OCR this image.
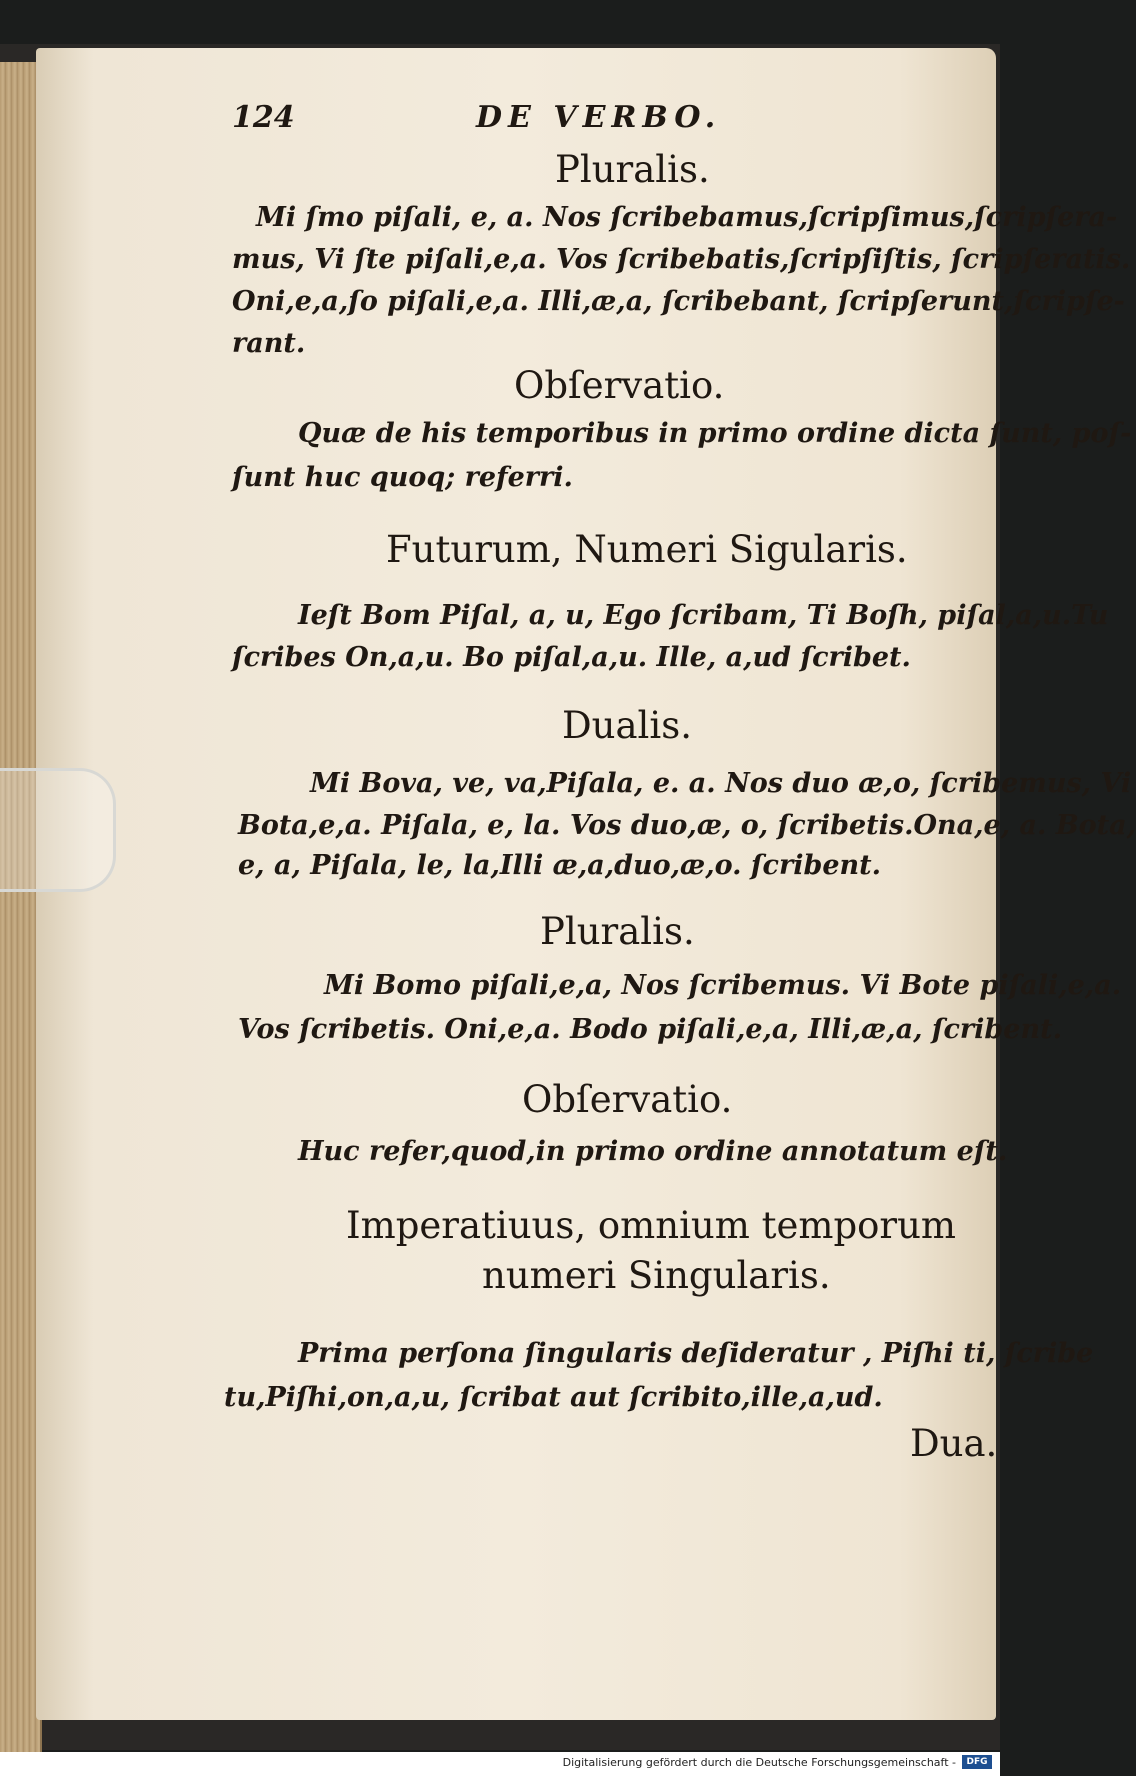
124	DE VERBO.
Pluralis.
Mi ſmo piſali, e, a. Nos ſcribebamus,ſcripſimus,ſcripſera-
mus, Vi ſte piſali,e,a. Vos ſcribebatis,ſcripſiſtis, ſcripſeratis.
Oni,e,a,ſo piſali,e,a. Illi,æ,a, ſcribebant, ſcripſerunt,ſcripſe-
rant.
Obſervatio.
Quæ de his temporibus in primo ordine dicta ſunt, poſ-
ſunt huc quoq; referri.
Futurum, Numeri Sigularis.
Ieſt Bom Piſal, a, u, Ego ſcribam, Ti Boſh, piſal,a,u.Tu
ſcribes On,a,u. Bo piſal,a,u. Ille, a,ud ſcribet.
Dualis.
Mi Bova, ve, va,Piſala, e. a. Nos duo æ,o, ſcribemus, Vi
Bota,e,a. Piſala, e, la. Vos duo,æ, o, ſcribetis.Ona,e, a. Bota,
e, a, Piſala, le, la,Illi æ,a,duo,æ,o. ſcribent.
Pluralis.
Mi Bomo piſali,e,a, Nos ſcribemus. Vi Bote piſali,e,a.
Vos ſcribetis. Oni,e,a. Bodo piſali,e,a, Illi,æ,a, ſcribent.
Obſervatio.
Huc refer,quod,in primo ordine annotatum eſt.
Imperatiuus, omnium temporum
numeri Singularis.
Prima perſona ſingularis deſideratur , Piſhi ti, ſcribe
tu,Piſhi,on,a,u, ſcribat aut ſcribito,ille,a,ud.
Dua.
Digitalisierung gefördert durch die Deutsche Forschungsgemeinschaft -	DFG
